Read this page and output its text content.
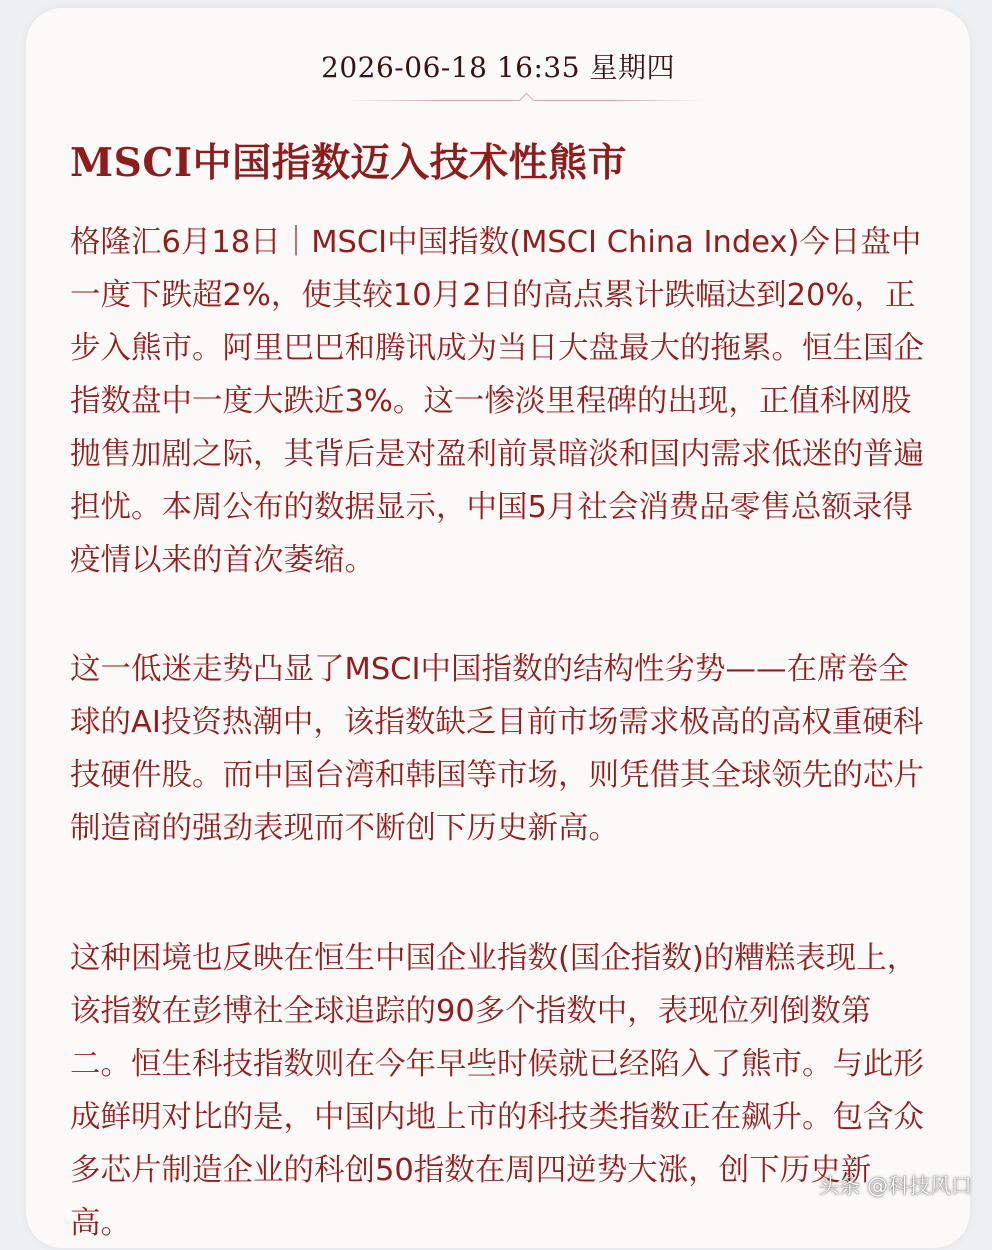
2026-06-18 16:35 星期四
MSCI中国指数迈入技术性熊市

格隆汇6月18日｜MSCI中国指数(MSCI China Index)今日盘中一度下跌超2%，使其较10月2日的高点累计跌幅达到20%，正步入熊市。阿里巴巴和腾讯成为当日大盘最大的拖累。恒生国企指数盘中一度大跌近3%。这一惨淡里程碑的出现，正值科网股抛售加剧之际，其背后是对盈利前景暗淡和国内需求低迷的普遍担忧。本周公布的数据显示，中国5月社会消费品零售总额录得疫情以来的首次萎缩。

这一低迷走势凸显了MSCI中国指数的结构性劣势——在席卷全球的AI投资热潮中，该指数缺乏目前市场需求极高的高权重硬科技硬件股。而中国台湾和韩国等市场，则凭借其全球领先的芯片制造商的强劲表现而不断创下历史新高。

这种困境也反映在恒生中国企业指数(国企指数)的糟糕表现上，该指数在彭博社全球追踪的90多个指数中，表现位列倒数第二。恒生科技指数则在今年早些时候就已经陷入了熊市。与此形成鲜明对比的是，中国内地上市的科技类指数正在飙升。包含众多芯片制造企业的科创50指数在周四逆势大涨，创下历史新高。

头条 @科技风口
